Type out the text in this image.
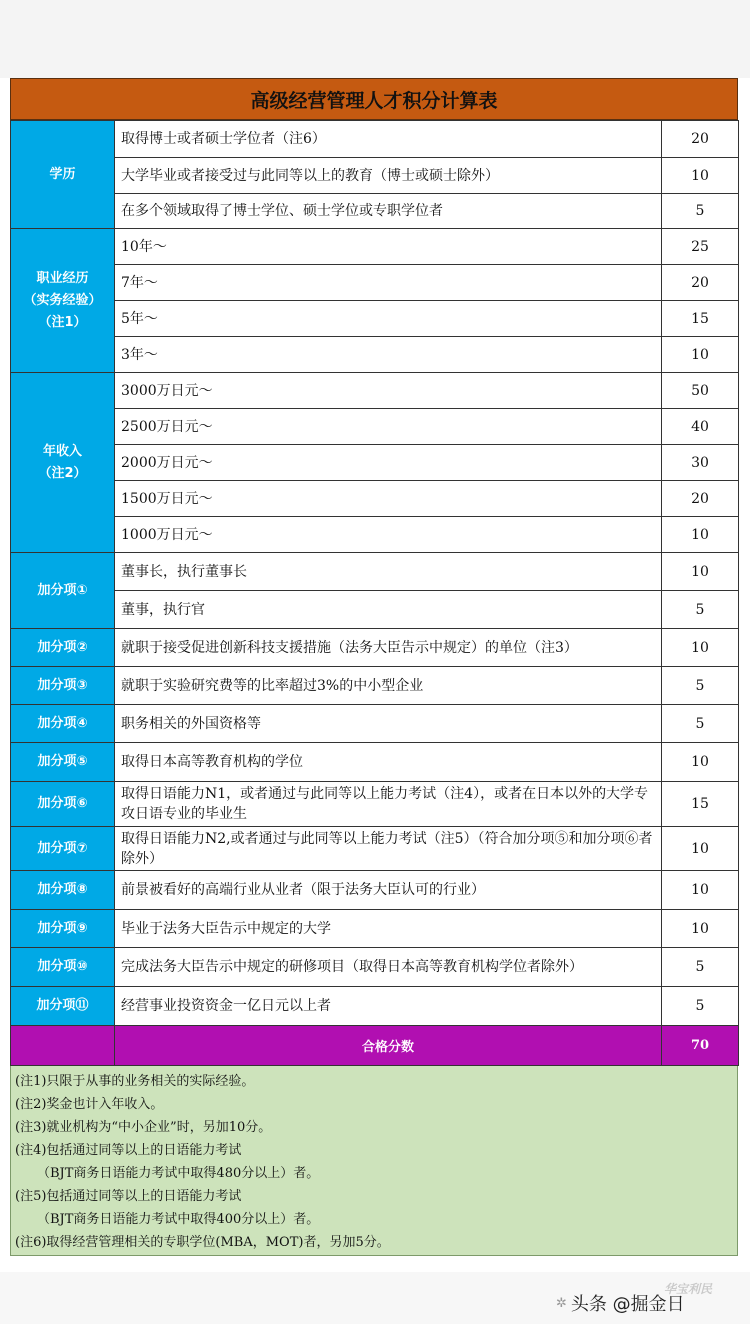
高级经营管理人才积分计算表
学历	取得博士或者硕士学位者（注6）	20
	大学毕业或者接受过与此同等以上的教育（博士或硕士除外）	10
	在多个领域取得了博士学位、硕士学位或专职学位者	5

职业经历
（实务经验）
（注1）	10年～	25
	7年～	20
	5年～	15
	3年～	10

年收入
（注2）	3000万日元～	50
	2500万日元～	40
	2000万日元～	30
	1500万日元～	20
	1000万日元～	10
加分项①	董事长，执行董事长	10
	董事，执行官	5
加分项②	就职于接受促进创新科技支援措施（法务大臣告示中规定）的单位（注3）	10
加分项③	就职于实验研究费等的比率超过3%的中小型企业	5
加分项④	职务相关的外国资格等	5
加分项⑤	取得日本高等教育机构的学位	10
加分项⑥	取得日语能力N1，或者通过与此同等以上能力考试（注4），或者在日本以外的大学专攻日语专业的毕业生	15
加分项⑦	取得日语能力N2,或者通过与此同等以上能力考试（注5）（符合加分项⑤和加分项⑥者除外）	10
加分项⑧	前景被看好的高端行业从业者（限于法务大臣认可的行业）	10
加分项⑨	毕业于法务大臣告示中规定的大学	10
加分项⑩	完成法务大臣告示中规定的研修项目（取得日本高等教育机构学位者除外）	5
加分项⑪	经营事业投资资金一亿日元以上者	5
	合格分数	70
(注1)只限于从事的业务相关的实际经验。
(注2)奖金也计入年收入。
(注3)就业机构为“中小企业”时，另加10分。
(注4)包括通过同等以上的日语能力考试
（BJT商务日语能力考试中取得480分以上）者。
(注5)包括通过同等以上的日语能力考试
（BJT商务日语能力考试中取得400分以上）者。
(注6)取得经营管理相关的专职学位(MBA，MOT)者，另加5分。
华宝利民
✲ 头条 @掘金日
